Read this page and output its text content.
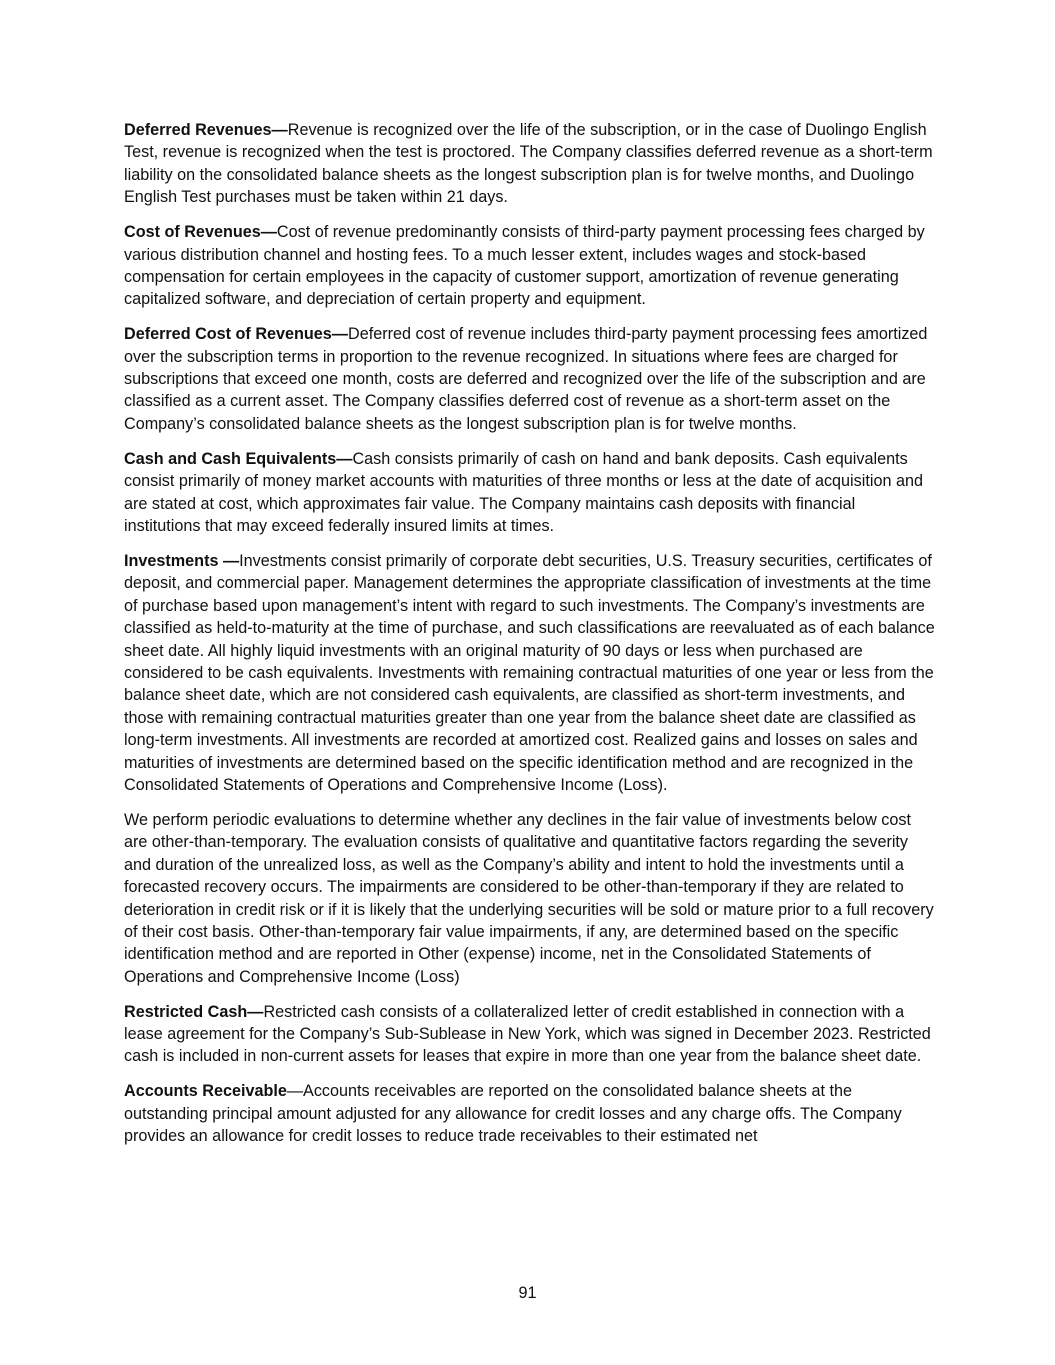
Deferred Revenues—Revenue is recognized over the life of the subscription, or in the case of Duolingo English Test, revenue is recognized when the test is proctored. The Company classifies deferred revenue as a short-term liability on the consolidated balance sheets as the longest subscription plan is for twelve months, and Duolingo English Test purchases must be taken within 21 days.

Cost of Revenues—Cost of revenue predominantly consists of third-party payment processing fees charged by various distribution channel and hosting fees. To a much lesser extent, includes wages and stock-based compensation for certain employees in the capacity of customer support, amortization of revenue generating capitalized software, and depreciation of certain property and equipment.

Deferred Cost of Revenues—Deferred cost of revenue includes third-party payment processing fees amortized over the subscription terms in proportion to the revenue recognized. In situations where fees are charged for subscriptions that exceed one month, costs are deferred and recognized over the life of the subscription and are classified as a current asset. The Company classifies deferred cost of revenue as a short-term asset on the Company’s consolidated balance sheets as the longest subscription plan is for twelve months.

Cash and Cash Equivalents—Cash consists primarily of cash on hand and bank deposits. Cash equivalents consist primarily of money market accounts with maturities of three months or less at the date of acquisition and are stated at cost, which approximates fair value. The Company maintains cash deposits with financial institutions that may exceed federally insured limits at times.

Investments —Investments consist primarily of corporate debt securities, U.S. Treasury securities, certificates of deposit, and commercial paper. Management determines the appropriate classification of investments at the time of purchase based upon management’s intent with regard to such investments. The Company’s investments are classified as held-to-maturity at the time of purchase, and such classifications are reevaluated as of each balance sheet date. All highly liquid investments with an original maturity of 90 days or less when purchased are considered to be cash equivalents. Investments with remaining contractual maturities of one year or less from the balance sheet date, which are not considered cash equivalents, are classified as short-term investments, and those with remaining contractual maturities greater than one year from the balance sheet date are classified as long-term investments. All investments are recorded at amortized cost. Realized gains and losses on sales and maturities of investments are determined based on the specific identification method and are recognized in the Consolidated Statements of Operations and Comprehensive Income (Loss).

We perform periodic evaluations to determine whether any declines in the fair value of investments below cost are other-than-temporary. The evaluation consists of qualitative and quantitative factors regarding the severity and duration of the unrealized loss, as well as the Company’s ability and intent to hold the investments until a forecasted recovery occurs. The impairments are considered to be other-than-temporary if they are related to deterioration in credit risk or if it is likely that the underlying securities will be sold or mature prior to a full recovery of their cost basis. Other-than-temporary fair value impairments, if any, are determined based on the specific identification method and are reported in Other (expense) income, net in the Consolidated Statements of Operations and Comprehensive Income (Loss)

Restricted Cash—Restricted cash consists of a collateralized letter of credit established in connection with a lease agreement for the Company’s Sub-Sublease in New York, which was signed in December 2023. Restricted cash is included in non-current assets for leases that expire in more than one year from the balance sheet date.

Accounts Receivable—Accounts receivables are reported on the consolidated balance sheets at the outstanding principal amount adjusted for any allowance for credit losses and any charge offs. The Company provides an allowance for credit losses to reduce trade receivables to their estimated net

91
